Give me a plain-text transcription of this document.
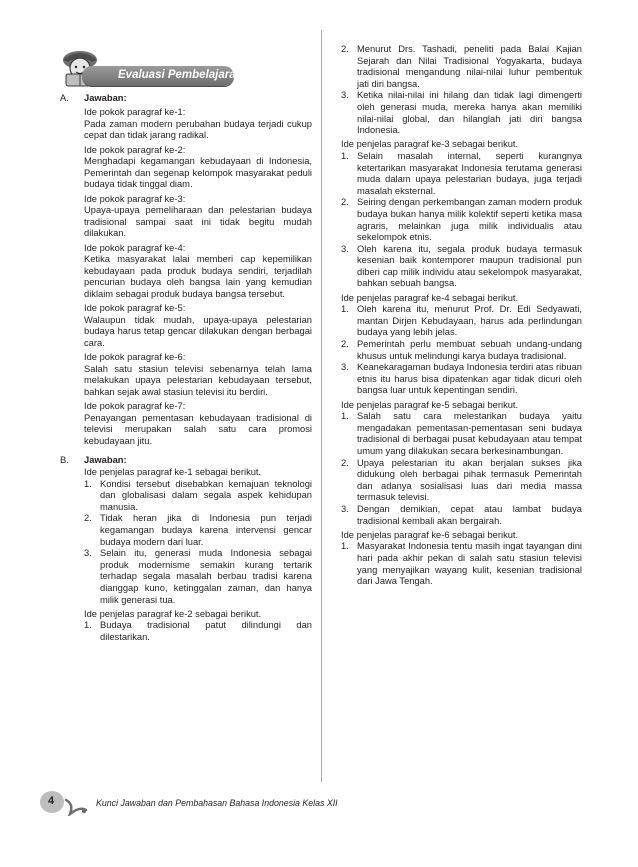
Evaluasi Pembelajaran 3
A. Jawaban:
Ide pokok paragraf ke-1:
Pada zaman modern perubahan budaya terjadi cukup cepat dan tidak jarang radikal.
Ide pokok paragraf ke-2:
Menghadapi kegamangan kebudayaan di Indonesia, Pemerintah dan segenap kelompok masyarakat peduli budaya tidak tinggal diam.
Ide pokok paragraf ke-3:
Upaya-upaya pemeliharaan dan pelestarian budaya tradisional sampai saat ini tidak begitu mudah dilakukan.
Ide pokok paragraf ke-4:
Ketika masyarakat lalai memberi cap kepemilikan kebudayaan pada produk budaya sendiri, terjadilah pencurian budaya oleh bangsa lain yang kemudian diklaim sebagai produk budaya bangsa tersebut.
Ide pokok paragraf ke-5:
Walaupun tidak mudah, upaya-upaya pelestarian budaya harus tetap gencar dilakukan dengan berbagai cara.
Ide pokok paragraf ke-6:
Salah satu stasiun televisi sebenarnya telah lama melakukan upaya pelestarian kebudayaan tersebut, bahkan sejak awal stasiun televisi itu berdiri.
Ide pokok paragraf ke-7:
Penayangan pementasan kebudayaan tradisional di televisi merupakan salah satu cara promosi kebudayaan jitu.
B. Jawaban:
Ide penjelas paragraf ke-1 sebagai berikut.
1. Kondisi tersebut disebabkan kemajuan teknologi dan globalisasi dalam segala aspek kehidupan manusia.
2. Tidak heran jika di Indonesia pun terjadi kegamangan budaya karena intervensi gencar budaya modern dari luar.
3. Selain itu, generasi muda Indonesia sebagai produk modernisme semakin kurang tertarik terhadap segala masalah berbau tradisi karena dianggap kuno, ketinggalan zaman, dan hanya milik generasi tua.
Ide penjelas paragraf ke-2 sebagai berikut.
1. Budaya tradisional patut dilindungi dan dilestarikan.
2. Menurut Drs. Tashadi, peneliti pada Balai Kajian Sejarah dan Nilai Tradisional Yogyakarta, budaya tradisional mengandung nilai-nilai luhur pembentuk jati diri bangsa.
3. Ketika nilai-nilai ini hilang dan tidak lagi dimengerti oleh generasi muda, mereka hanya akan memiliki nilai-nilai global, dan hilanglah jati diri bangsa Indonesia.
Ide penjelas paragraf ke-3 sebagai berikut.
1. Selain masalah internal, seperti kurangnya ketertarikan masyarakat Indonesia terutama generasi muda dalam upaya pelestarian budaya, juga terjadi masalah eksternal.
2. Seiring dengan perkembangan zaman modern produk budaya bukan hanya milik kolektif seperti ketika masa agraris, melainkan juga milik individualis atau sekelompok etnis.
3. Oleh karena itu, segala produk budaya termasuk kesenian baik kontemporer maupun tradisional pun diberi cap milik individu atau sekelompok masyarakat, bahkan sebuah bangsa.
Ide penjelas paragraf ke-4 sebagai berikut.
1. Oleh karena itu, menurut Prof. Dr. Edi Sedyawati, mantan Dirjen Kebudayaan, harus ada perlindungan budaya yang lebih jelas.
2. Pemerintah perlu membuat sebuah undang-undang khusus untuk melindungi karya budaya tradisional.
3. Keanekaragaman budaya Indonesia terdiri atas ribuan etnis itu harus bisa dipatenkan agar tidak dicuri oleh bangsa luar untuk kepentingan sendiri.
Ide penjelas paragraf ke-5 sebagai berikut.
1. Salah satu cara melestarikan budaya yaitu mengadakan pementasan-pementasan seni budaya tradisional di berbagai pusat kebudayaan atau tempat umum yang dilakukan secara berkesinambungan.
2. Upaya pelestarian itu akan berjalan sukses jika didukung oleh berbagai pihak termasuk Pemerintah dan adanya sosialisasi luas dari media massa termasuk televisi.
3. Dengan demikian, cepat atau lambat budaya tradisional kembali akan bergairah.
Ide penjelas paragraf ke-6 sebagai berikut.
1. Masyarakat Indonesia tentu masih ingat tayangan dini hari pada akhir pekan di salah satu stasiun televisi yang menyajikan wayang kulit, kesenian tradisional dari Jawa Tengah.
4	Kunci Jawaban dan Pembahasan Bahasa Indonesia Kelas XII
